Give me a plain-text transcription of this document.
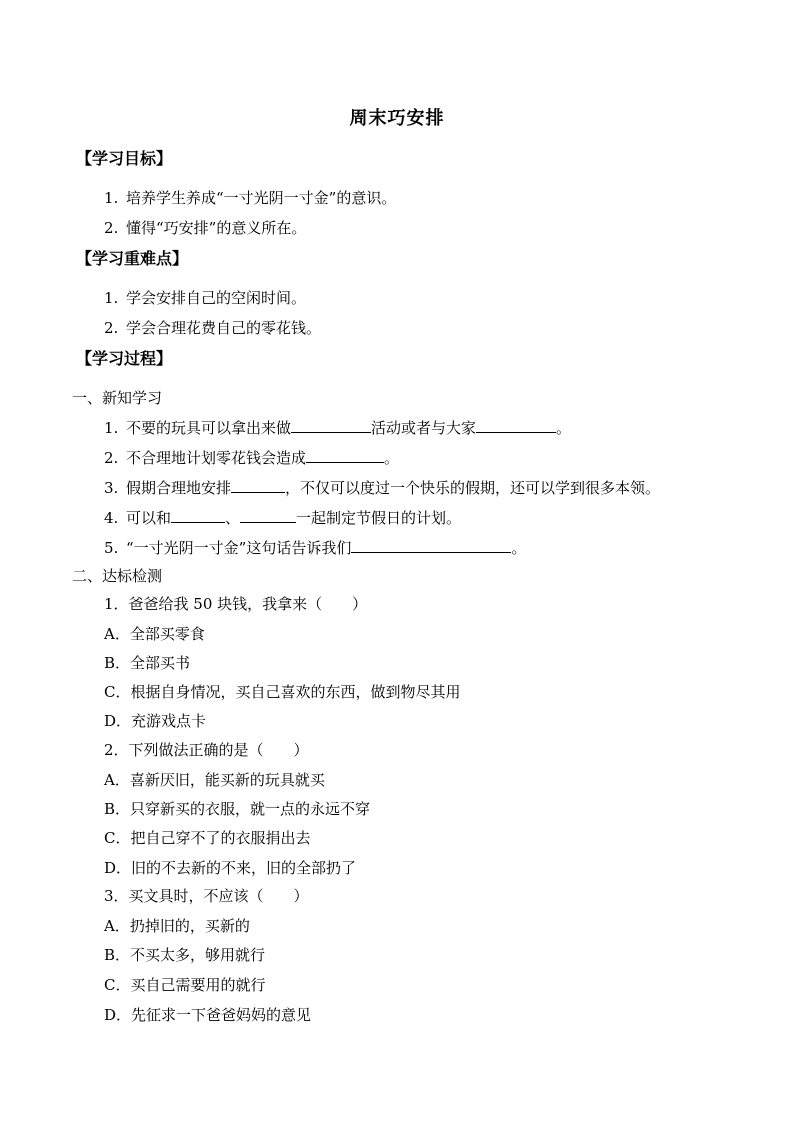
周末巧安排
【学习目标】
1. 培养学生养成“一寸光阴一寸金”的意识。
2. 懂得“巧安排”的意义所在。
【学习重难点】
1. 学会安排自己的空闲时间。
2. 学会合理花费自己的零花钱。
【学习过程】
一、新知学习
1. 不要的玩具可以拿出来做	活动或者与大家	。
2. 不合理地计划零花钱会造成	。
3. 假期合理地安排	，不仅可以度过一个快乐的假期，还可以学到很多本领。
4. 可以和	、	一起制定节假日的计划。
5. “一寸光阴一寸金”这句话告诉我们	。
二、达标检测
1．爸爸给我 50 块钱，我拿来（　　）
A．全部买零食
B．全部买书
C．根据自身情况，买自己喜欢的东西，做到物尽其用
D．充游戏点卡
2．下列做法正确的是（　　）
A．喜新厌旧，能买新的玩具就买
B．只穿新买的衣服，就一点的永远不穿
C．把自己穿不了的衣服捐出去
D．旧的不去新的不来，旧的全部扔了
3．买文具时，不应该（　　）
A．扔掉旧的，买新的
B．不买太多，够用就行
C．买自己需要用的就行
D．先征求一下爸爸妈妈的意见
